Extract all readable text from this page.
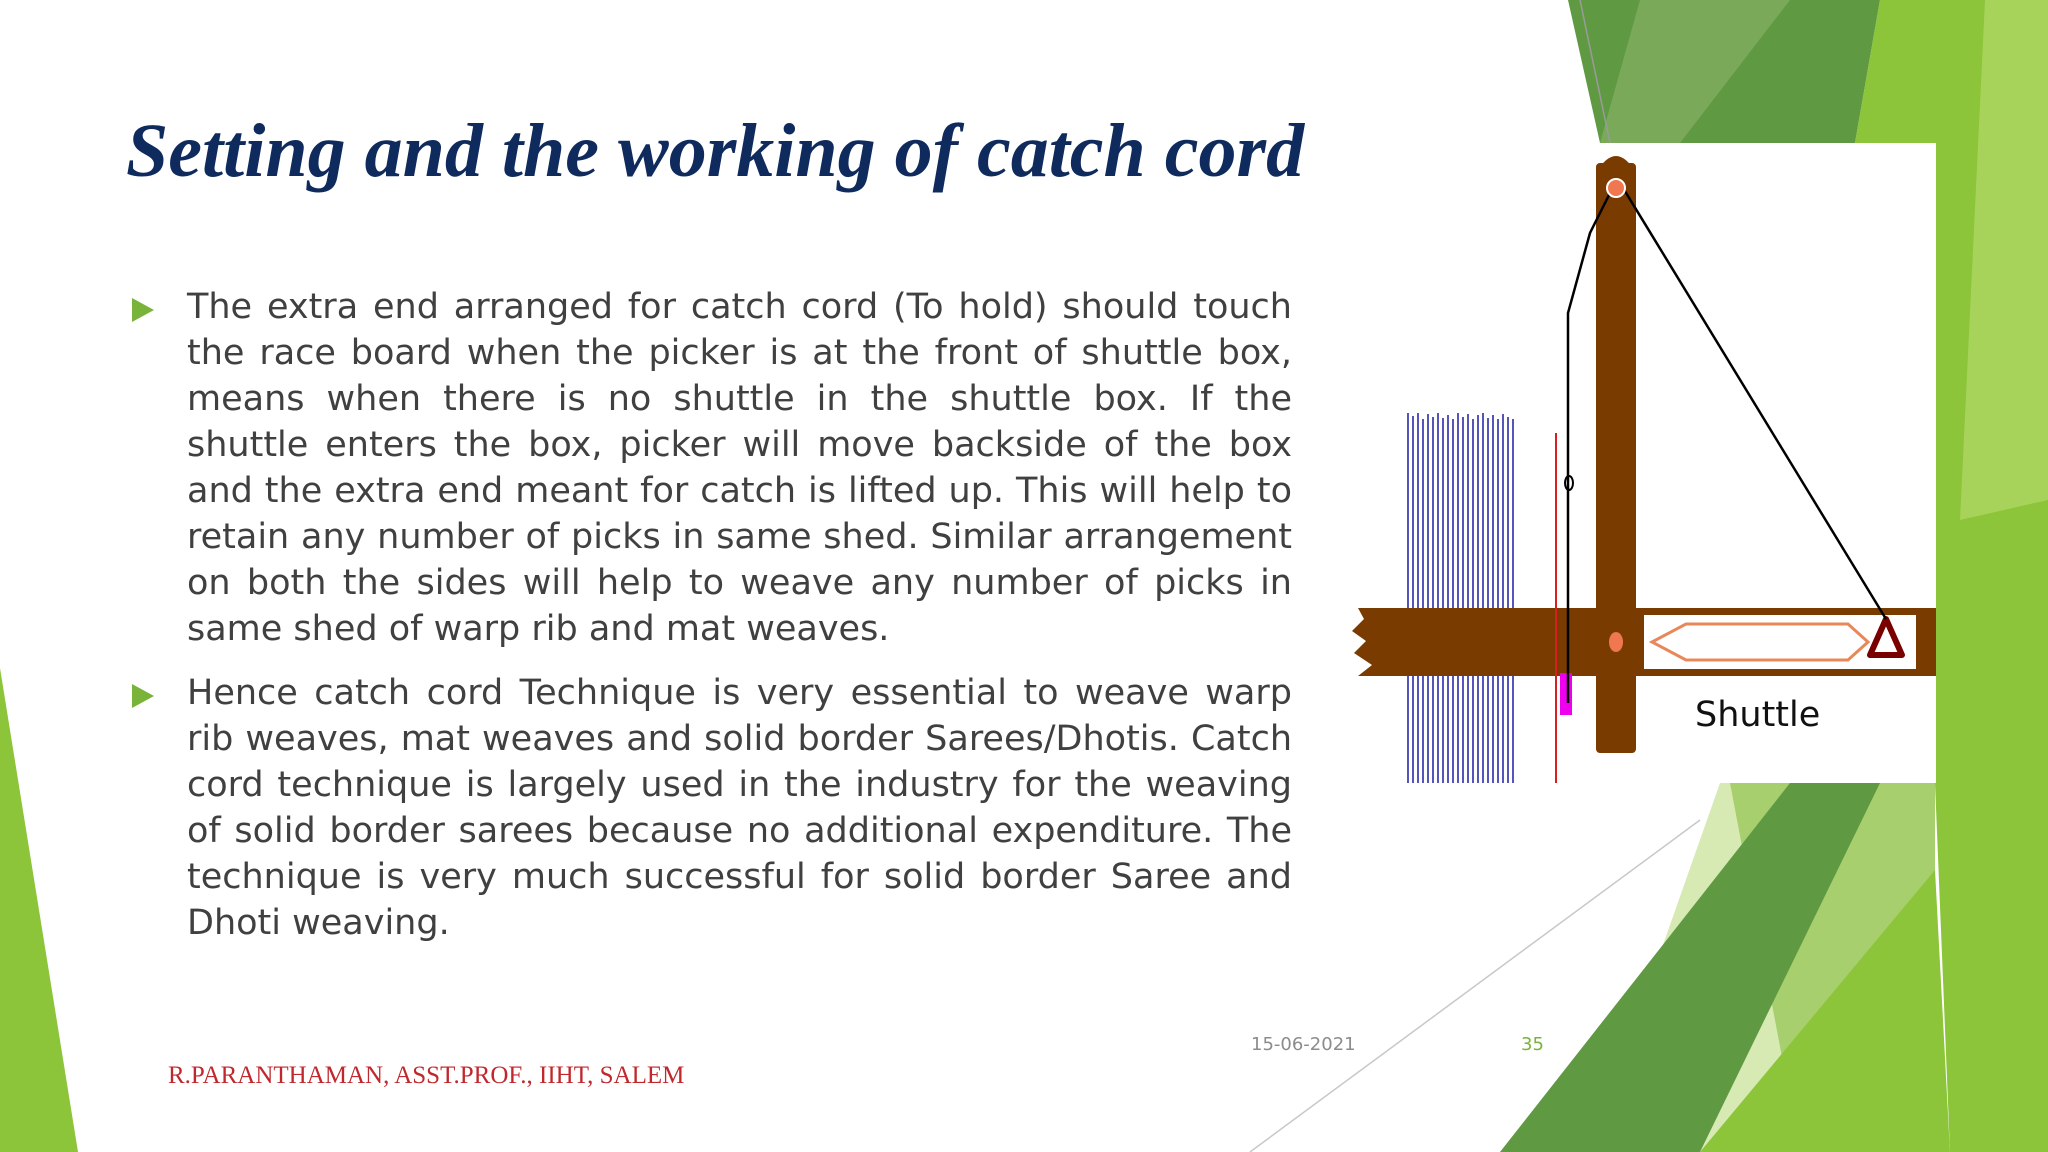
Setting and the working of catch cord
The extra end arranged for catch cord (To hold) should touch the race board when the picker is at the front of shuttle box, means when there is no shuttle in the shuttle box. If the shuttle enters the box, picker will move backside of the box and the extra end meant for catch is lifted up. This will help to retain any number of picks in same shed. Similar arrangement on both the sides will help to weave any number of picks in same shed of warp rib and mat weaves.
Hence catch cord Technique is very essential to weave warp rib weaves, mat weaves and solid border Sarees/Dhotis. Catch cord technique is largely used in the industry for the weaving of solid border sarees because no additional expenditure. The technique is very much successful for solid border Saree and Dhoti weaving.
Shuttle
15-06-2021	35
R.PARANTHAMAN, ASST.PROF., IIHT, SALEM
